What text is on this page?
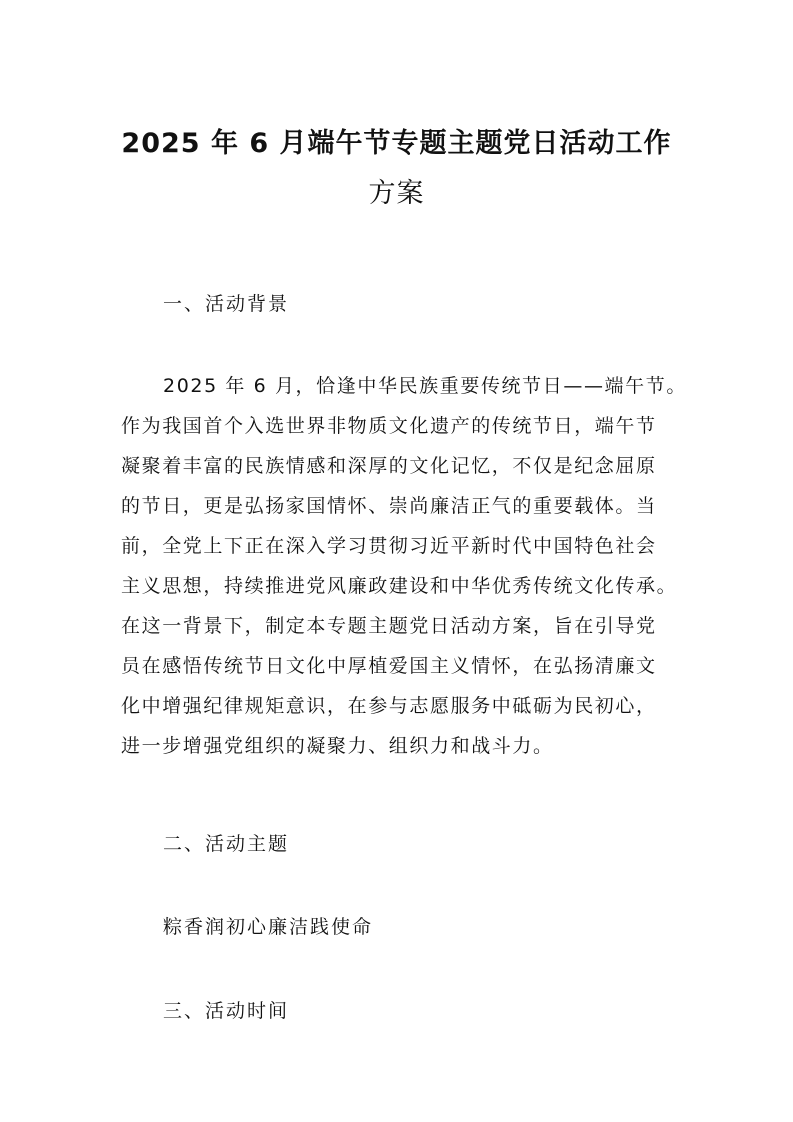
2025 年 6 月端午节专题主题党日活动工作
方案
一、活动背景
2025 年 6 月，恰逢中华民族重要传统节日——端午节。
作为我国首个入选世界非物质文化遗产的传统节日，端午节
凝聚着丰富的民族情感和深厚的文化记忆，不仅是纪念屈原
的节日，更是弘扬家国情怀、崇尚廉洁正气的重要载体。当
前，全党上下正在深入学习贯彻习近平新时代中国特色社会
主义思想，持续推进党风廉政建设和中华优秀传统文化传承。
在这一背景下，制定本专题主题党日活动方案，旨在引导党
员在感悟传统节日文化中厚植爱国主义情怀，在弘扬清廉文
化中增强纪律规矩意识，在参与志愿服务中砥砺为民初心，
进一步增强党组织的凝聚力、组织力和战斗力。
二、活动主题
粽香润初心廉洁践使命
三、活动时间
